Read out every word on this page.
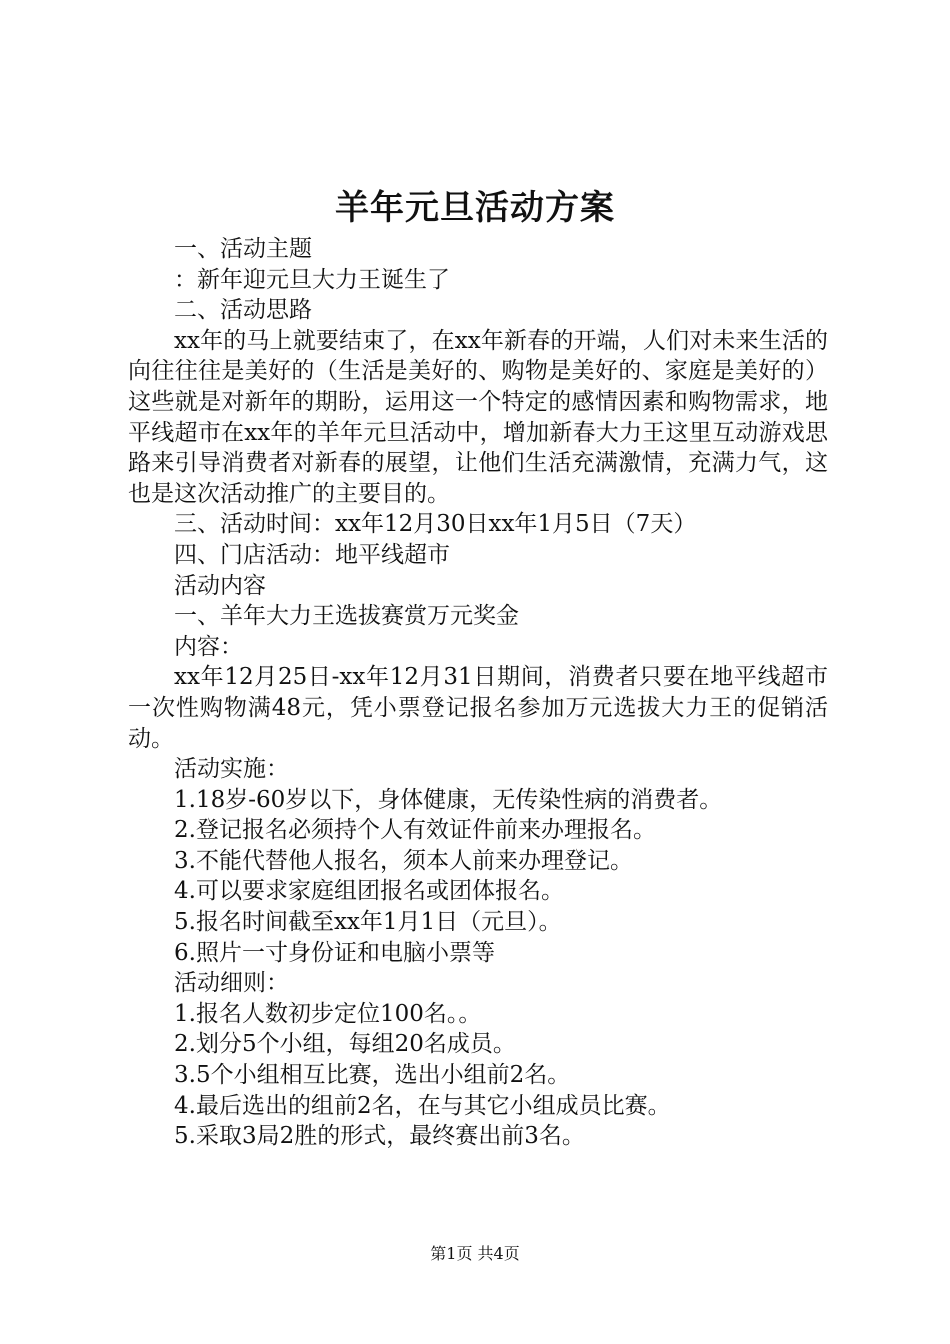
羊年元旦活动方案

一、活动主题

：新年迎元旦大力王诞生了

二、活动思路

xx年的马上就要结束了，在xx年新春的开端，人们对未来生活的向往往往是美好的（生活是美好的、购物是美好的、家庭是美好的）这些就是对新年的期盼，运用这一个特定的感情因素和购物需求，地平线超市在xx年的羊年元旦活动中，增加新春大力王这里互动游戏思路来引导消费者对新春的展望，让他们生活充满激情，充满力气，这也是这次活动推广的主要目的。

三、活动时间：xx年12月30日xx年1月5日（7天）

四、门店活动：地平线超市

活动内容

一、羊年大力王选拔赛赏万元奖金

内容：

xx年12月25日-xx年12月31日期间，消费者只要在地平线超市一次性购物满48元，凭小票登记报名参加万元选拔大力王的促销活动。

活动实施：

1.18岁-60岁以下，身体健康，无传染性病的消费者。

2.登记报名必须持个人有效证件前来办理报名。

3.不能代替他人报名，须本人前来办理登记。

4.可以要求家庭组团报名或团体报名。

5.报名时间截至xx年1月1日（元旦）。

6.照片一寸身份证和电脑小票等

活动细则：

1.报名人数初步定位100名。。

2.划分5个小组，每组20名成员。

3.5个小组相互比赛，选出小组前2名。

4.最后选出的组前2名，在与其它小组成员比赛。

5.采取3局2胜的形式，最终赛出前3名。

第1页 共4页
